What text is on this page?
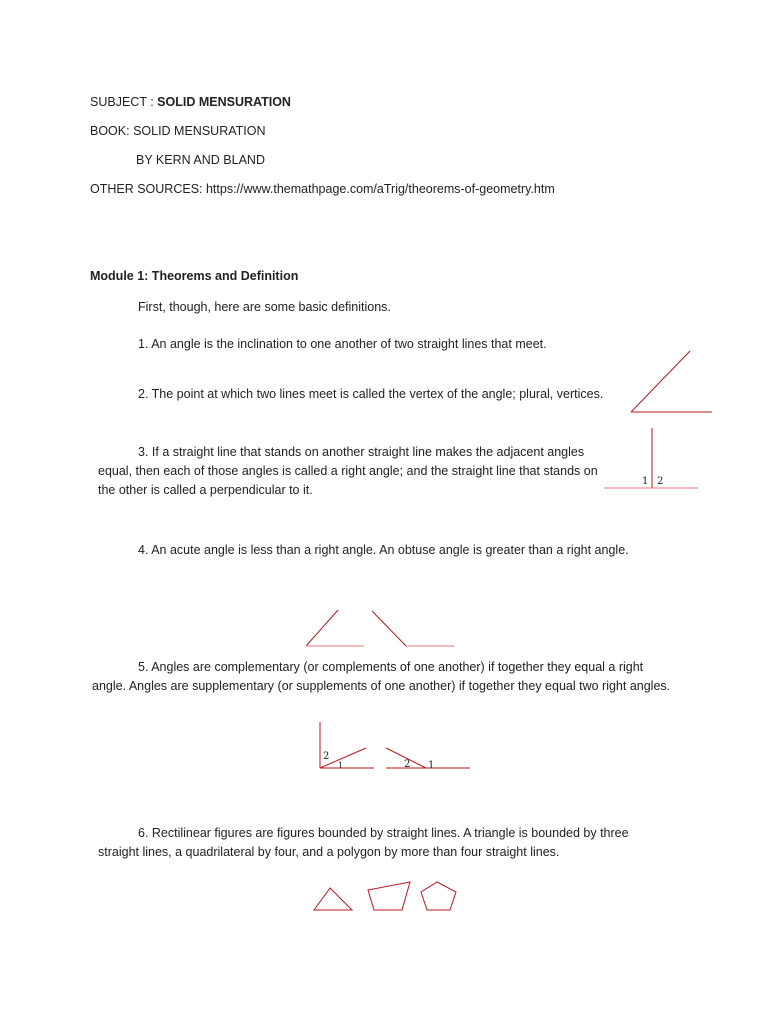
SUBJECT : SOLID MENSURATION
BOOK: SOLID MENSURATION
BY KERN AND BLAND
OTHER SOURCES: https://www.themathpage.com/aTrig/theorems-of-geometry.htm
Module 1: Theorems and Definition
First, though, here are some basic definitions.
1. An angle is the inclination to one another of two straight lines that meet.
2. The point at which two lines meet is called the vertex of the angle; plural, vertices.
3. If a straight line that stands on another straight line makes the adjacent angles equal, then each of those angles is called a right angle; and the straight line that stands on the other is called a perpendicular to it.
4. An acute angle is less than a right angle. An obtuse angle is greater than a right angle.
5. Angles are complementary (or complements of one another) if together they equal a right angle. Angles are supplementary (or supplements of one another) if together they equal two right angles.
6. Rectilinear figures are figures bounded by straight lines. A triangle is bounded by three straight lines, a quadrilateral by four, and a polygon by more than four straight lines.
1 2
2
1	2 1
